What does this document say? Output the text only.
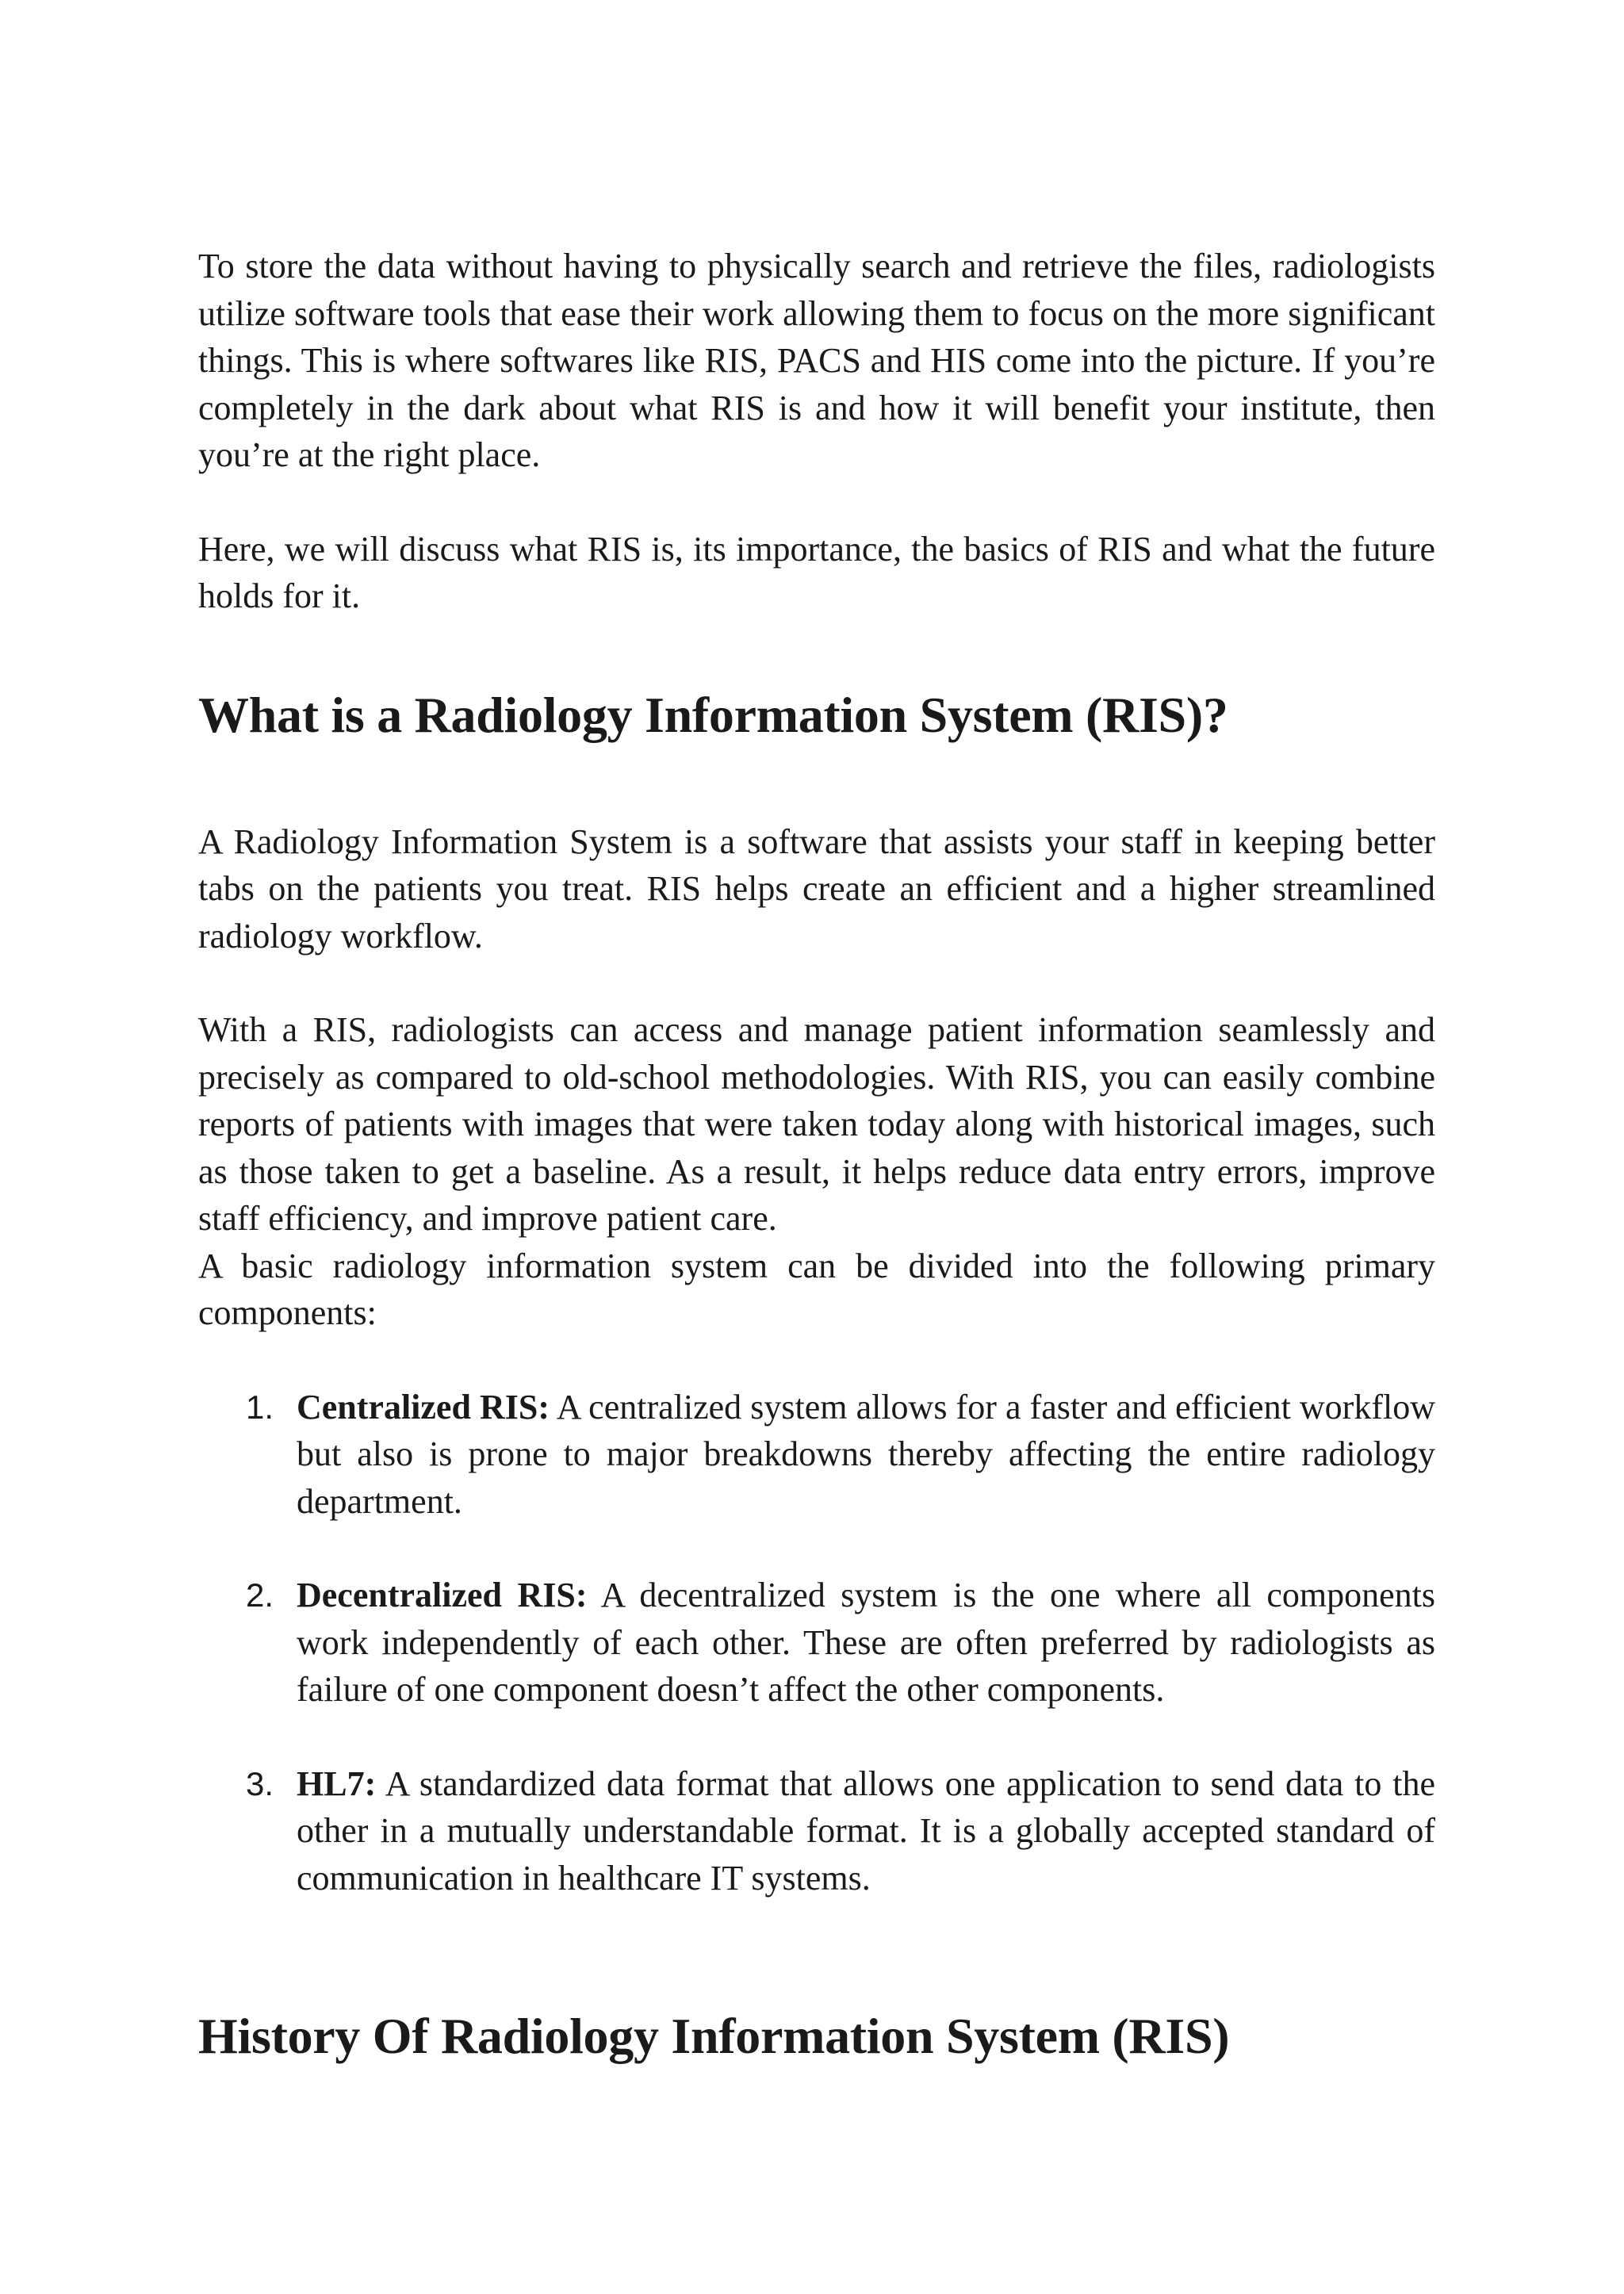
To store the data without having to physically search and retrieve the files, radiologists utilize software tools that ease their work allowing them to focus on the more significant things. This is where softwares like RIS, PACS and HIS come into the picture. If you’re completely in the dark about what RIS is and how it will benefit your institute, then you’re at the right place.

Here, we will discuss what RIS is, its importance, the basics of RIS and what the future holds for it.

What is a Radiology Information System (RIS)?

A Radiology Information System is a software that assists your staff in keeping better tabs on the patients you treat. RIS helps create an efficient and a higher streamlined radiology workflow.

With a RIS, radiologists can access and manage patient information seamlessly and precisely as compared to old-school methodologies. With RIS, you can easily combine reports of patients with images that were taken today along with historical images, such as those taken to get a baseline. As a result, it helps reduce data entry errors, improve staff efficiency, and improve patient care.

A basic radiology information system can be divided into the following primary components:

1. Centralized RIS: A centralized system allows for a faster and efficient workflow but also is prone to major breakdowns thereby affecting the entire radiology department.

2. Decentralized RIS: A decentralized system is the one where all components work independently of each other. These are often preferred by radiologists as failure of one component doesn’t affect the other components.

3. HL7: A standardized data format that allows one application to send data to the other in a mutually understandable format. It is a globally accepted standard of communication in healthcare IT systems.

History Of Radiology Information System (RIS)
